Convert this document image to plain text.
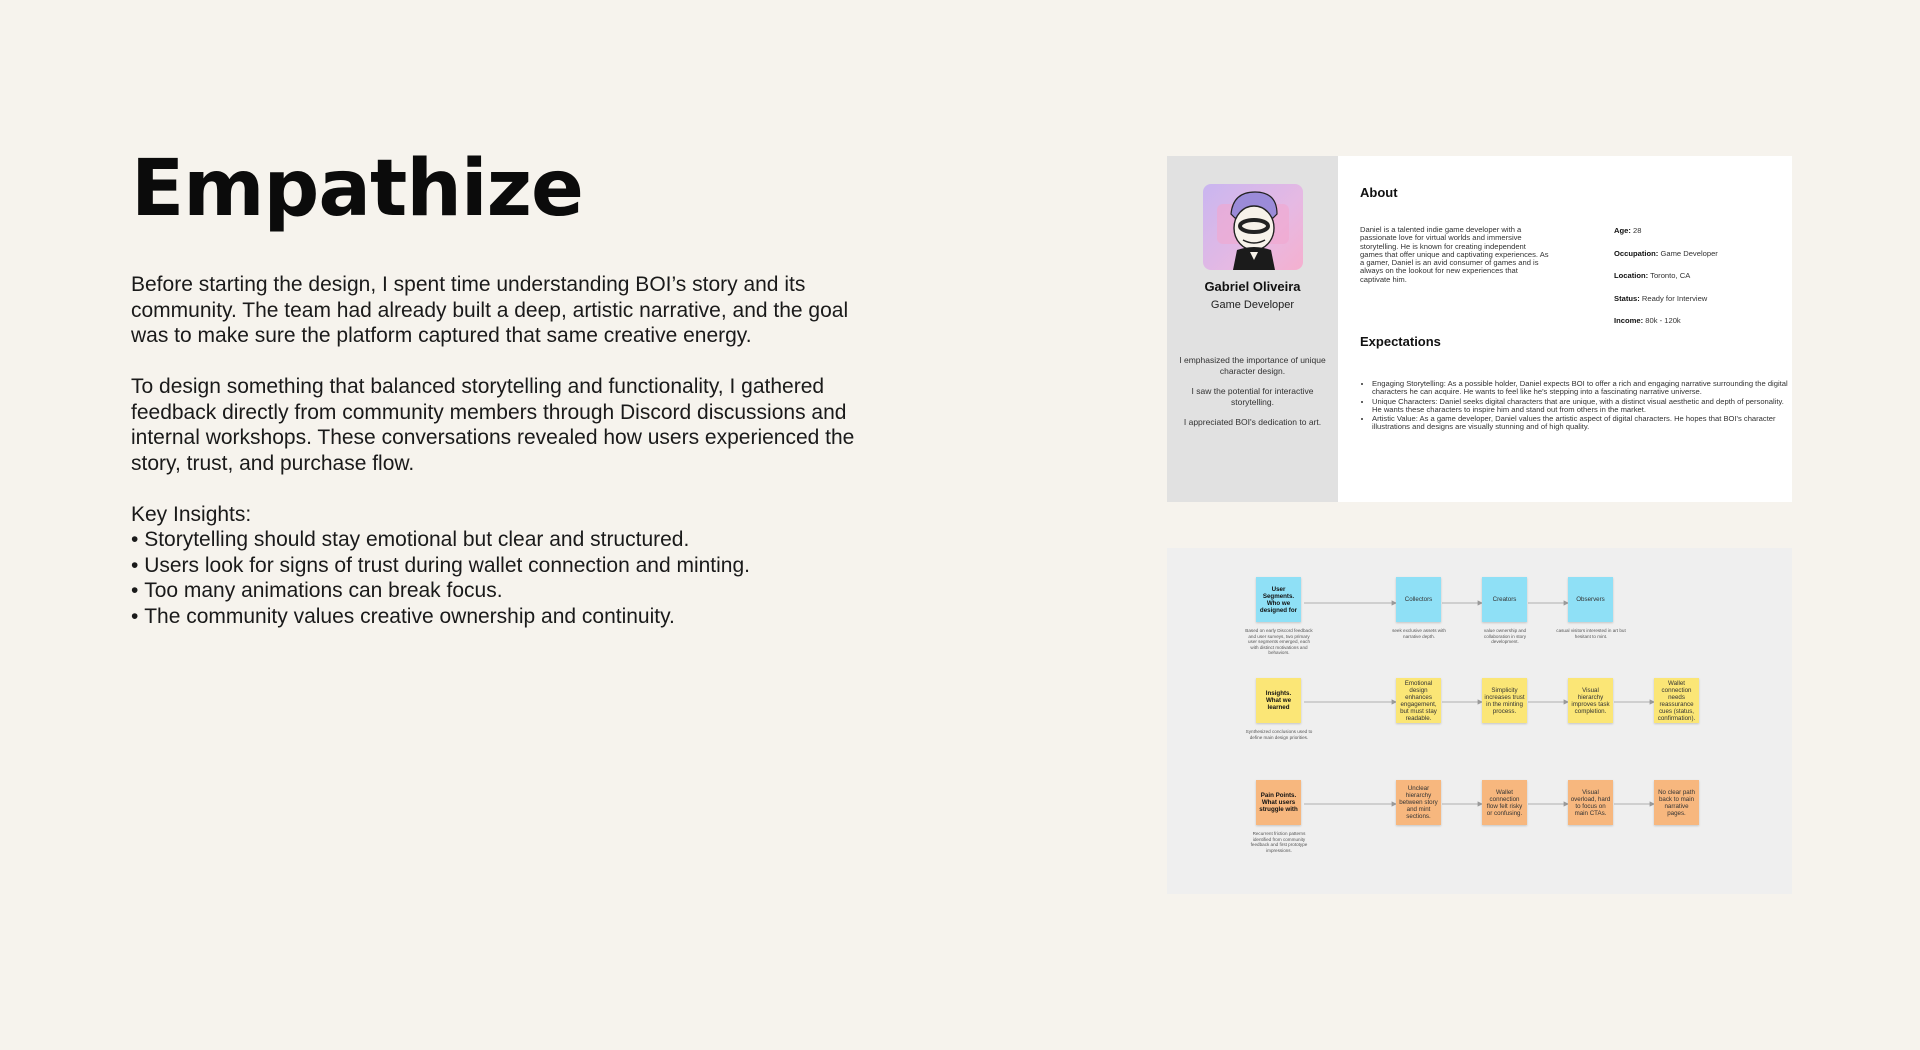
Empathize

Before starting the design, I spent time understanding BOI’s story and its community. The team had already built a deep, artistic narrative, and the goal was to make sure the platform captured that same creative energy.

To design something that balanced storytelling and functionality, I gathered feedback directly from community members through Discord discussions and internal workshops. These conversations revealed how users experienced the story, trust, and purchase flow.

Key Insights:
• Storytelling should stay emotional but clear and structured.
• Users look for signs of trust during wallet connection and minting.
• Too many animations can break focus.
• The community values creative ownership and continuity.
Gabriel Oliveira
Game Developer
I emphasized the importance of unique character design.
I saw the potential for interactive storytelling.
I appreciated BOI's dedication to art.
About
Daniel is a talented indie game developer with a passionate love for virtual worlds and immersive storytelling. He is known for creating independent games that offer unique and captivating experiences. As a gamer, Daniel is an avid consumer of games and is always on the lookout for new experiences that captivate him.
Age: 28
Occupation: Game Developer
Location: Toronto, CA
Status: Ready for Interview
Income: 80k - 120k
Expectations
• Engaging Storytelling: As a possible holder, Daniel expects BOI to offer a rich and engaging narrative surrounding the digital characters he can acquire. He wants to feel like he's stepping into a fascinating narrative universe.
• Unique Characters: Daniel seeks digital characters that are unique, with a distinct visual aesthetic and depth of personality. He wants these characters to inspire him and stand out from others in the market.
• Artistic Value: As a game developer, Daniel values the artistic aspect of digital characters. He hopes that BOI's character illustrations and designs are visually stunning and of high quality.
User Segments. Who we designed for
Based on early Discord feedback and user surveys, two primary user segments emerged, each with distinct motivations and behaviors.
Collectors	Creators	Observers
seek exclusive assets with narrative depth.
value ownership and collaboration in story development.
casual visitors interested in art but hesitant to mint.
Insights. What we learned
Synthesized conclusions used to define main design priorities.
Emotional design enhances engagement, but must stay readable.
Simplicity increases trust in the minting process.
Visual hierarchy improves task completion.
Wallet connection needs reassurance cues (status, confirmation).
Pain Points. What users struggle with
Recurrent friction patterns identified from community feedback and first prototype impressions.
Unclear hierarchy between story and mint sections.
Wallet connection flow felt risky or confusing.
Visual overload, hard to focus on main CTAs.
No clear path back to main narrative pages.
